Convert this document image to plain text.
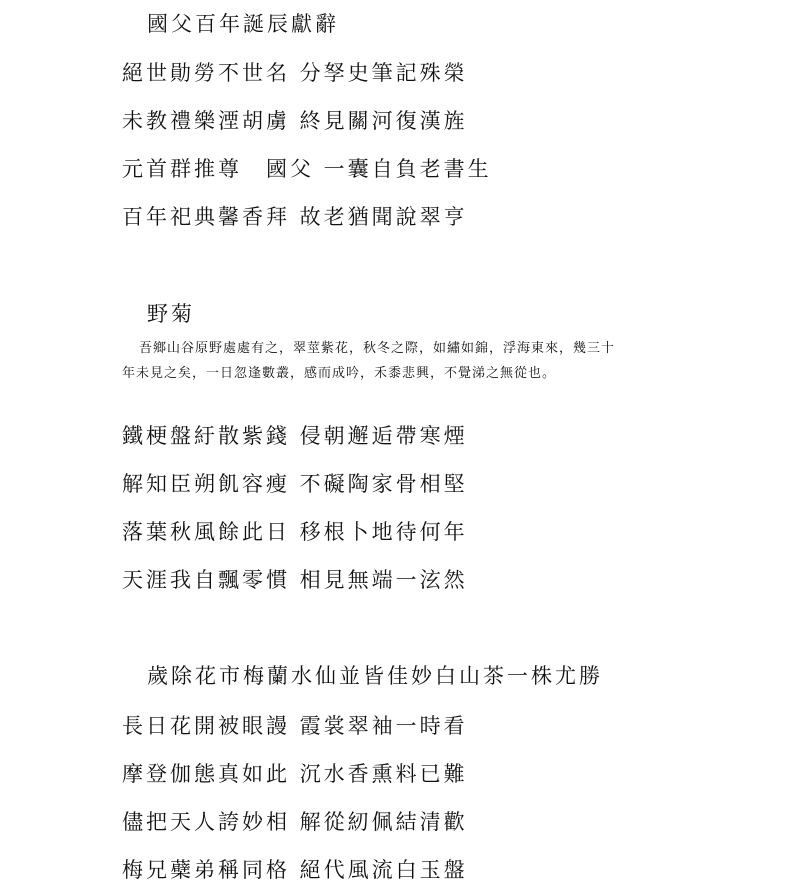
國父百年誕辰獻辭
絕世勛勞不世名 分孥史筆記殊榮
未教禮樂湮胡虜 終見關河復漢旌
元首群推尊　國父 一囊自負老書生
百年祀典馨香拜 故老猶聞說翠亨
野菊
吾鄉山谷原野處處有之，翠莖紫花，秋冬之際，如繡如錦，浮海東來，幾三十
年未見之矣，一日忽逢數叢，感而成吟，禾黍悲興，不覺涕之無從也。
鐵梗盤紆散紫錢 侵朝邂逅帶寒煙
解知臣朔飢容瘦 不礙陶家骨相堅
落葉秋風餘此日 移根卜地待何年
天涯我自飄零慣 相見無端一泫然
歲除花市梅蘭水仙並皆佳妙白山茶一株尤勝
長日花開被眼謾 霞裳翠袖一時看
摩登伽態真如此 沉水香熏料已難
儘把天人誇妙相 解從紉佩結清歡
梅兄蘗弟稱同格 絕代風流白玉盤
